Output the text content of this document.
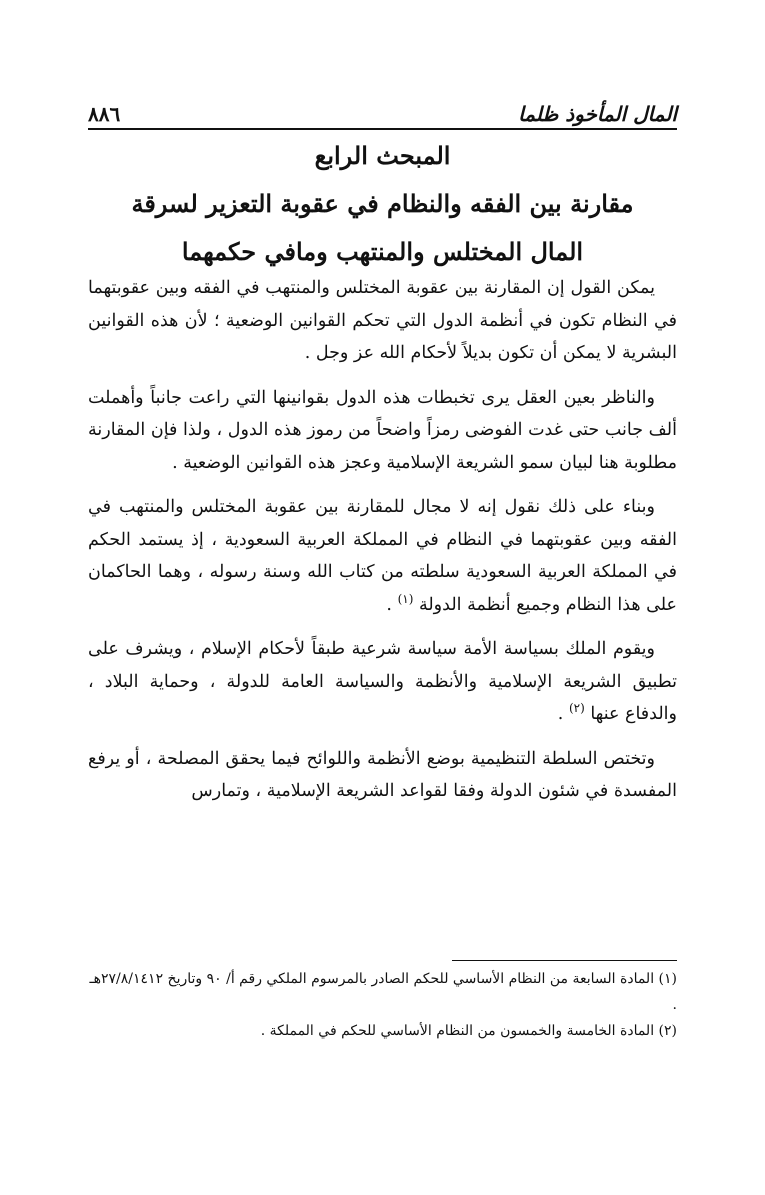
٨٨٦	المال المأخوذ ظلما
المبحث الرابع
مقارنة بين الفقه والنظام في عقوبة التعزير لسرقة
المال المختلس والمنتهب ومافي حكمهما

يمكن القول إن المقارنة بين عقوبة المختلس والمنتهب في الفقه وبين عقوبتهما في النظام تكون في أنظمة الدول التي تحكم القوانين الوضعية ؛ لأن هذه القوانين البشرية لا يمكن أن تكون بديلاً لأحكام الله عز وجل .

والناظر بعين العقل يرى تخبطات هذه الدول بقوانينها التي راعت جانباً وأهملت ألف جانب حتى غدت الفوضى رمزاً واضحاً من رموز هذه الدول ، ولذا فإن المقارنة مطلوبة هنا لبيان سمو الشريعة الإسلامية وعجز هذه القوانين الوضعية .

وبناء على ذلك نقول إنه لا مجال للمقارنة بين عقوبة المختلس والمنتهب في الفقه وبين عقوبتهما في النظام في المملكة العربية السعودية ، إذ يستمد الحكم في المملكة العربية السعودية سلطته من كتاب الله وسنة رسوله ، وهما الحاكمان على هذا النظام وجميع أنظمة الدولة $^{(١)}$ .

ويقوم الملك بسياسة الأمة سياسة شرعية طبقاً لأحكام الإسلام ، ويشرف على تطبيق الشريعة الإسلامية والأنظمة والسياسة العامة للدولة ، وحماية البلاد ، والدفاع عنها $^{(٢)}$ .

وتختص السلطة التنظيمية بوضع الأنظمة واللوائح فيما يحقق المصلحة ، أو يرفع المفسدة في شئون الدولة وفقا لقواعد الشريعة الإسلامية ، وتمارس

(١) المادة السابعة من النظام الأساسي للحكم الصادر بالمرسوم الملكي رقم أ/ ٩٠ وتاريخ ٢٧/٨/١٤١٢هـ .

(٢) المادة الخامسة والخمسون من النظام الأساسي للحكم في المملكة .
